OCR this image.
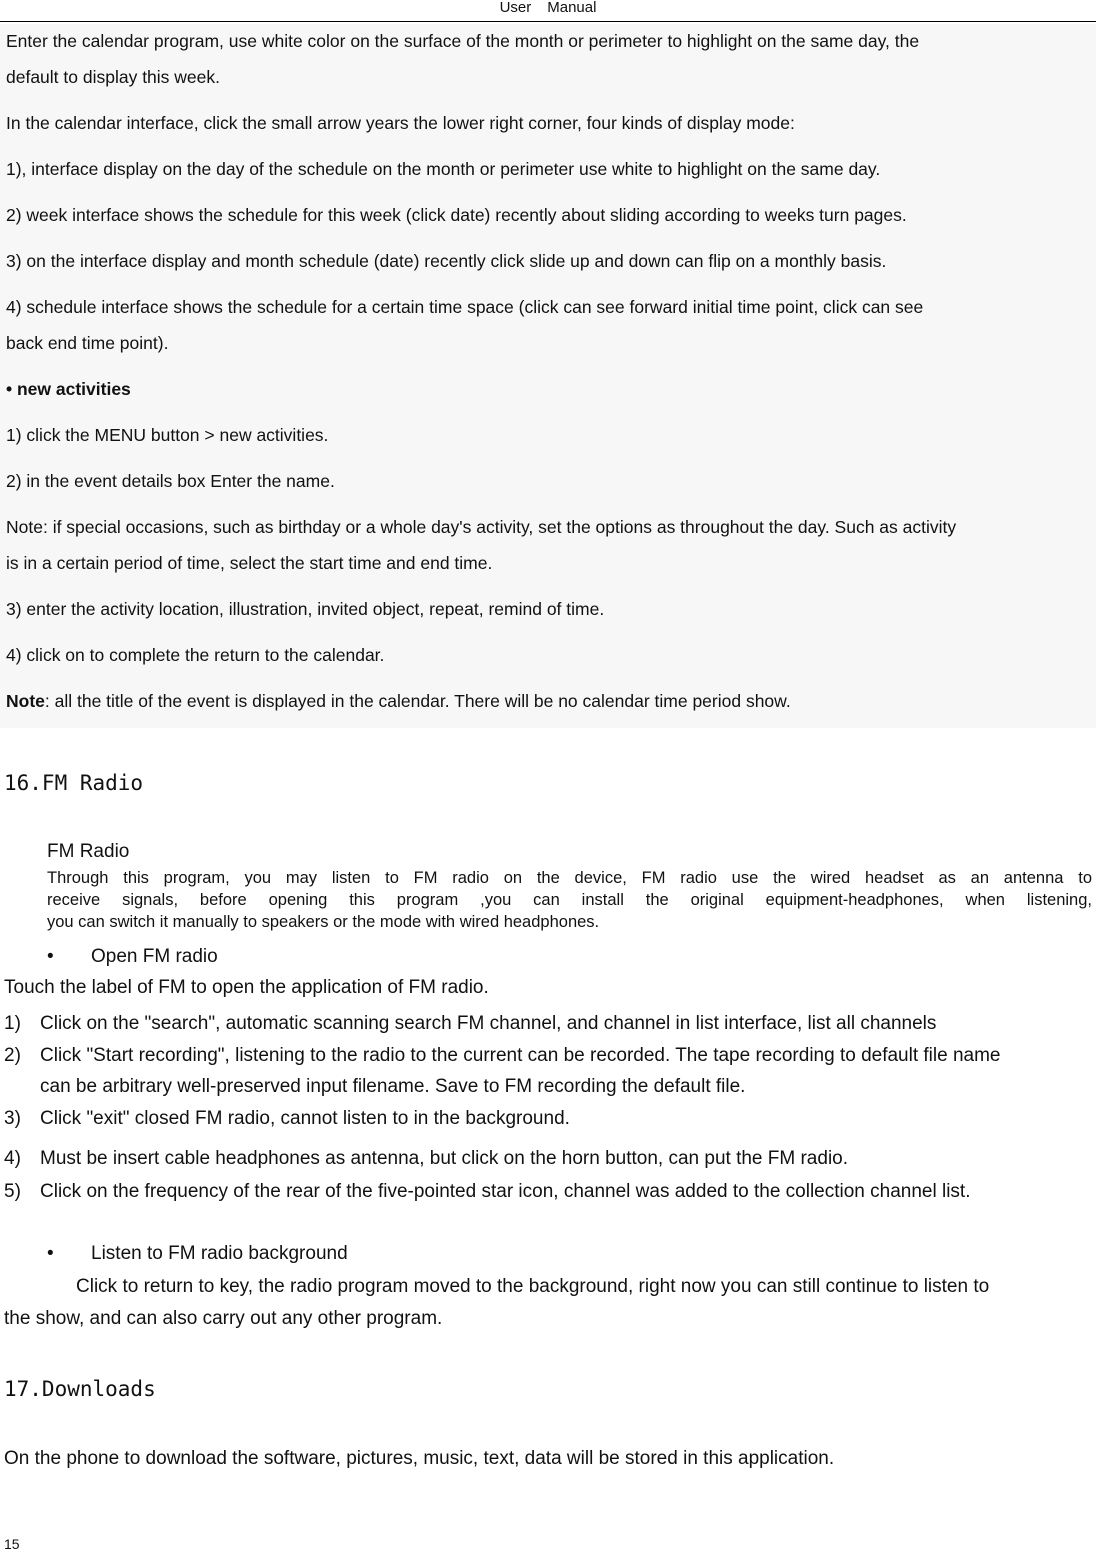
User Manual

Enter the calendar program, use white color on the surface of the month or perimeter to highlight on the same day, the

default to display this week.

In the calendar interface, click the small arrow years the lower right corner, four kinds of display mode:

1), interface display on the day of the schedule on the month or perimeter use white to highlight on the same day.

2) week interface shows the schedule for this week (click date) recently about sliding according to weeks turn pages.

3) on the interface display and month schedule (date) recently click slide up and down can flip on a monthly basis.

4) schedule interface shows the schedule for a certain time space (click can see forward initial time point, click can see

back end time point).

• new activities

1) click the MENU button > new activities.

2) in the event details box Enter the name.

Note: if special occasions, such as birthday or a whole day's activity, set the options as throughout the day. Such as activity

is in a certain period of time, select the start time and end time.

3) enter the activity location, illustration, invited object, repeat, remind of time.

4) click on to complete the return to the calendar.

Note: all the title of the event is displayed in the calendar. There will be no calendar time period show.

16.FM Radio
FM Radio
Through this program, you may listen to FM radio on the device, FM radio use the wired headset as an antenna to
receive signals, before opening this program ,you can install the original equipment-headphones, when listening,
you can switch it manually to speakers or the mode with wired headphones.
• Open FM radio
Touch the label of FM to open the application of FM radio.
1) Click on the "search", automatic scanning search FM channel, and channel in list interface, list all channels
2) Click "Start recording", listening to the radio to the current can be recorded. The tape recording to default file name
can be arbitrary well-preserved input filename. Save to FM recording the default file.
3) Click "exit" closed FM radio, cannot listen to in the background.
4) Must be insert cable headphones as antenna, but click on the horn button, can put the FM radio.
5) Click on the frequency of the rear of the five-pointed star icon, channel was added to the collection channel list.
• Listen to FM radio background
Click to return to key, the radio program moved to the background, right now you can still continue to listen to
the show, and can also carry out any other program.
17.Downloads
On the phone to download the software, pictures, music, text, data will be stored in this application.
15
